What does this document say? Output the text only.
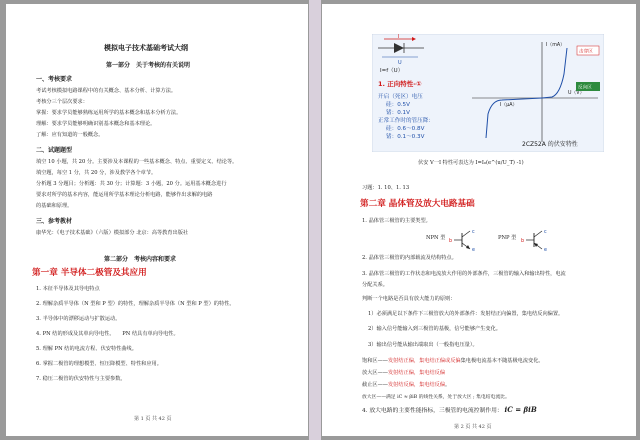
模拟电子技术基础考试大纲
第一部分　关于考核的有关说明
一、考核要求
考试考核模拟电路课程中的有关概念、基本分析、计算方法。
考核分三个层次要求：
掌握：要求学员能够熟练运用所学的基本概念和基本分析方法。
理解：要求学员能够明确识别基本概念和基本理论。
了解：应有知道的一般概念。
二、试题题型
填空 10 小题，共 20 分。主要涉及本课程的一些基本概念、特点、重要定义、结论等。
填空题，每空 1 分，共 20 分，涉及教学各个章节。
分析题 3 分题目；分析题：共 30 分；计算题：3 小题，20 分。运用基本概念进行
要求对所学的基本内容，能运用所学基本理论分析电路，能够作出求解的电路
的基础和原理。
三、参考教材
康华光：《电子技术基础》（六版）模拟部分 北京：高等教育出版社
第二部分　考核内容和要求
第一章 半导体二极管及其应用
1. 本征半导体及其导电特点
2. 理解杂质半导体（N 型和 P 型）的特性，理解杂质半导体（N 型和 P 型）的特性。
3. 半导体中的漂移运动与扩散运动。
4. PN 结的形成及其单向导电性。　　PN 结具有单向导电性。
5. 理解 PN 结的电流方程、伏安特性曲线。
6. 掌握二极管的理想模型、恒压降模型、特性和应用。
7. 稳压二极管的伏安特性与主要参数。
第 1 页 共 42 页
I
U
I=f（U）
1. 正向特性-①
开启（死区）电压
硅：0.5V
锗：0.1V
正常工作时的管压降：
硅：0.6～0.8V
锗：0.1～0.3V
I（mA）
U（V）
I（μA）
击穿区
反向区
2CZ52A 的伏安特性
伏安 V一I 特性可表达为 I=I₀(e^(u/U_T) -1)
习题：1. 10、1. 13
第二章 晶体管及放大电路基础
1. 晶体管三极管的主要类型。
NPN 型
b
c
e
PNP 型
b
c
e
2. 晶体管三极管的内部载流及结构特点。
3. 晶体管三极管的工作状态和电流放大作用的外部条件，三极管的输入和输出特性，电流
分配关系。
判断一个电路是否具有放大能力的原则：
1）必须满足以下条件下三极管放大的外部条件：发射结正向偏置，集电结反向偏置。
2）输入信号能输入到三极管的基极，信号能够产生变化。
3）输出信号能从输出端取出（一般指电压量）。
饱和区——发射结正偏，集电结正偏或反偏集电极电流基本不随基极电流变化。
放大区——发射结正偏，集电结反偏
截止区——发射结反偏，集电结反偏。
放大区——满足 iC ≈ βiB 的线性关系，处于放大区 ; 集电结电流比。
4. 放大电路的主要性能指标，三极管的电流控制作用： iC = βiB
第 2 页 共 42 页
